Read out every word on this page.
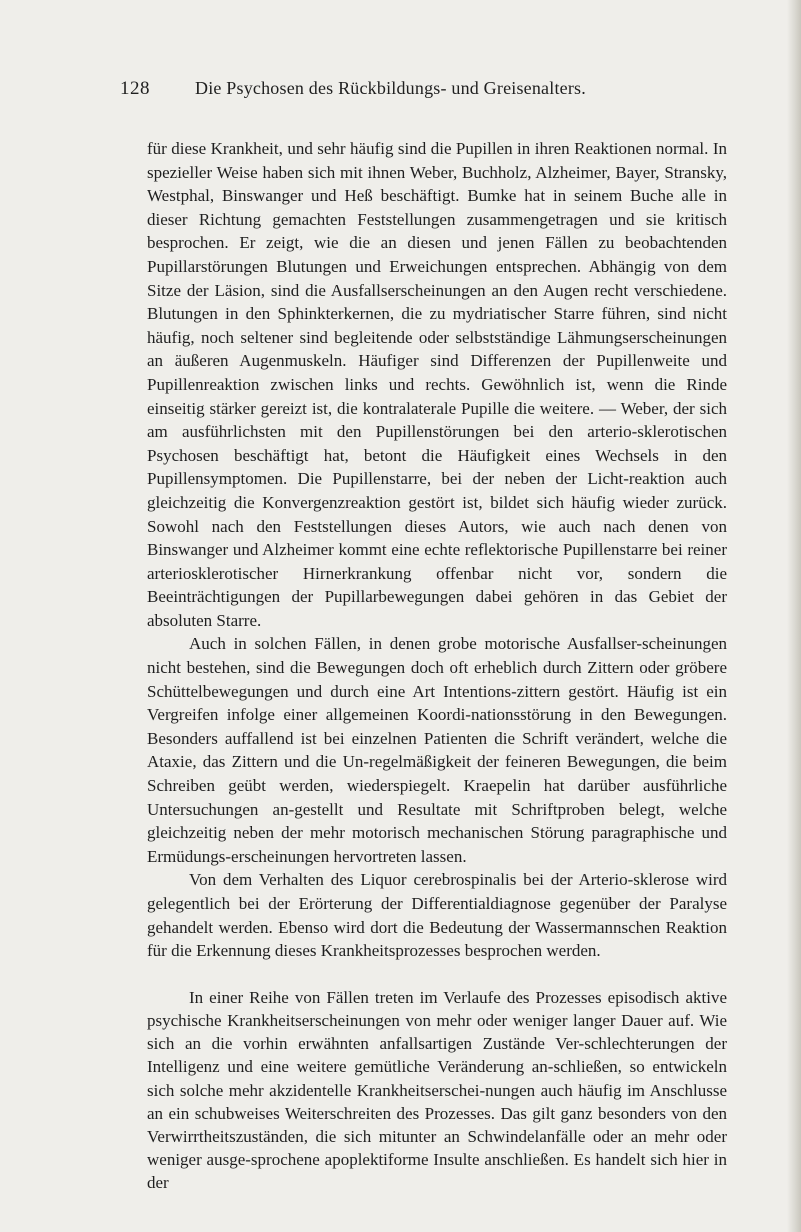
128	Die Psychosen des Rückbildungs- und Greisenalters.

für diese Krankheit, und sehr häufig sind die Pupillen in ihren Reaktionen normal. In spezieller Weise haben sich mit ihnen Weber, Buchholz, Alzheimer, Bayer, Stransky, Westphal, Binswanger und Heß beschäftigt. Bumke hat in seinem Buche alle in dieser Richtung gemachten Feststellungen zusammengetragen und sie kritisch besprochen. Er zeigt, wie die an diesen und jenen Fällen zu beobachtenden Pupillarstörungen Blutungen und Erweichungen entsprechen. Abhängig von dem Sitze der Läsion, sind die Ausfallserscheinungen an den Augen recht verschiedene. Blutungen in den Sphinkterkernen, die zu mydriatischer Starre führen, sind nicht häufig, noch seltener sind begleitende oder selbstständige Lähmungserscheinungen an äußeren Augenmuskeln. Häufiger sind Differenzen der Pupillenweite und Pupillenreaktion zwischen links und rechts. Gewöhnlich ist, wenn die Rinde einseitig stärker gereizt ist, die kontralaterale Pupille die weitere. — Weber, der sich am ausführlichsten mit den Pupillenstörungen bei den arterio-sklerotischen Psychosen beschäftigt hat, betont die Häufigkeit eines Wechsels in den Pupillensymptomen. Die Pupillenstarre, bei der neben der Licht-reaktion auch gleichzeitig die Konvergenzreaktion gestört ist, bildet sich häufig wieder zurück. Sowohl nach den Feststellungen dieses Autors, wie auch nach denen von Binswanger und Alzheimer kommt eine echte reflektorische Pupillenstarre bei reiner arteriosklerotischer Hirnerkrankung offenbar nicht vor, sondern die Beeinträchtigungen der Pupillarbewegungen dabei gehören in das Gebiet der absoluten Starre.

Auch in solchen Fällen, in denen grobe motorische Ausfallser-scheinungen nicht bestehen, sind die Bewegungen doch oft erheblich durch Zittern oder gröbere Schüttelbewegungen und durch eine Art Intentions-zittern gestört. Häufig ist ein Vergreifen infolge einer allgemeinen Koordi-nationsstörung in den Bewegungen. Besonders auffallend ist bei einzelnen Patienten die Schrift verändert, welche die Ataxie, das Zittern und die Un-regelmäßigkeit der feineren Bewegungen, die beim Schreiben geübt werden, wiederspiegelt. Kraepelin hat darüber ausführliche Untersuchungen an-gestellt und Resultate mit Schriftproben belegt, welche gleichzeitig neben der mehr motorisch mechanischen Störung paragraphische und Ermüdungs-erscheinungen hervortreten lassen.

Von dem Verhalten des Liquor cerebrospinalis bei der Arterio-sklerose wird gelegentlich bei der Erörterung der Differentialdiagnose gegenüber der Paralyse gehandelt werden. Ebenso wird dort die Bedeutung der Wassermannschen Reaktion für die Erkennung dieses Krankheitsprozesses besprochen werden.

In einer Reihe von Fällen treten im Verlaufe des Prozesses episodisch aktive psychische Krankheitserscheinungen von mehr oder weniger langer Dauer auf. Wie sich an die vorhin erwähnten anfallsartigen Zustände Ver-schlechterungen der Intelligenz und eine weitere gemütliche Veränderung an-schließen, so entwickeln sich solche mehr akzidentelle Krankheitserschei-nungen auch häufig im Anschlusse an ein schubweises Weiterschreiten des Prozesses. Das gilt ganz besonders von den Verwirrtheitszuständen, die sich mitunter an Schwindelanfälle oder an mehr oder weniger ausge-sprochene apoplektiforme Insulte anschließen. Es handelt sich hier in der
